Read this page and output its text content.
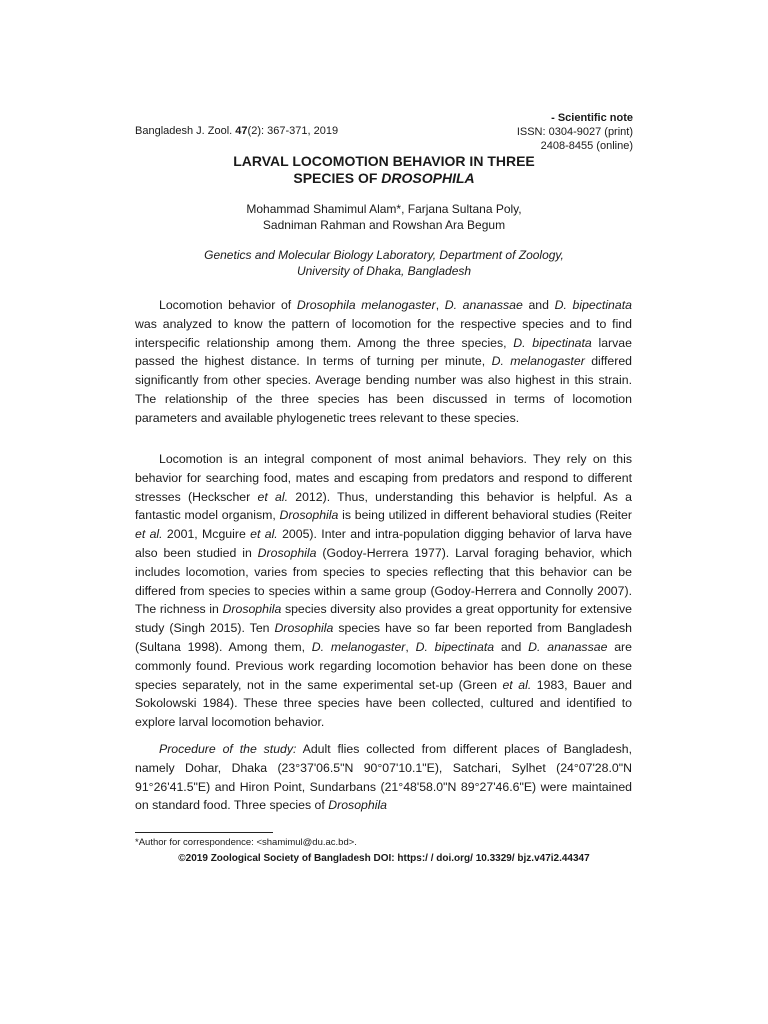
- Scientific note
Bangladesh J. Zool. 47(2): 367-371, 2019	ISSN: 0304-9027 (print)
2408-8455 (online)
LARVAL LOCOMOTION BEHAVIOR IN THREE
SPECIES OF DROSOPHILA
Mohammad Shamimul Alam*, Farjana Sultana Poly,
Sadniman Rahman and Rowshan Ara Begum
Genetics and Molecular Biology Laboratory, Department of Zoology,
University of Dhaka, Bangladesh

Locomotion behavior of Drosophila melanogaster, D. ananassae and D. bipectinata was analyzed to know the pattern of locomotion for the respective species and to find interspecific relationship among them. Among the three species, D. bipectinata larvae passed the highest distance. In terms of turning per minute, D. melanogaster differed significantly from other species. Average bending number was also highest in this strain. The relationship of the three species has been discussed in terms of locomotion parameters and available phylogenetic trees relevant to these species.

Locomotion is an integral component of most animal behaviors. They rely on this behavior for searching food, mates and escaping from predators and respond to different stresses (Heckscher et al. 2012). Thus, understanding this behavior is helpful. As a fantastic model organism, Drosophila is being utilized in different behavioral studies (Reiter et al. 2001, Mcguire et al. 2005). Inter and intra-population digging behavior of larva have also been studied in Drosophila (Godoy-Herrera 1977). Larval foraging behavior, which includes locomotion, varies from species to species reflecting that this behavior can be differed from species to species within a same group (Godoy-Herrera and Connolly 2007). The richness in Drosophila species diversity also provides a great opportunity for extensive study (Singh 2015). Ten Drosophila species have so far been reported from Bangladesh (Sultana 1998). Among them, D. melanogaster, D. bipectinata and D. ananassae are commonly found. Previous work regarding locomotion behavior has been done on these species separately, not in the same experimental set-up (Green et al. 1983, Bauer and Sokolowski 1984). These three species have been collected, cultured and identified to explore larval locomotion behavior.

Procedure of the study: Adult flies collected from different places of Bangladesh, namely Dohar, Dhaka (23°37'06.5"N 90°07'10.1"E), Satchari, Sylhet (24°07'28.0"N 91°26'41.5"E) and Hiron Point, Sundarbans (21°48'58.0"N 89°27'46.6"E) were maintained on standard food. Three species of Drosophila

*Author for correspondence: <shamimul@du.ac.bd>.
©2019 Zoological Society of Bangladesh DOI: https:/ / doi.org/ 10.3329/ bjz.v47i2.44347
